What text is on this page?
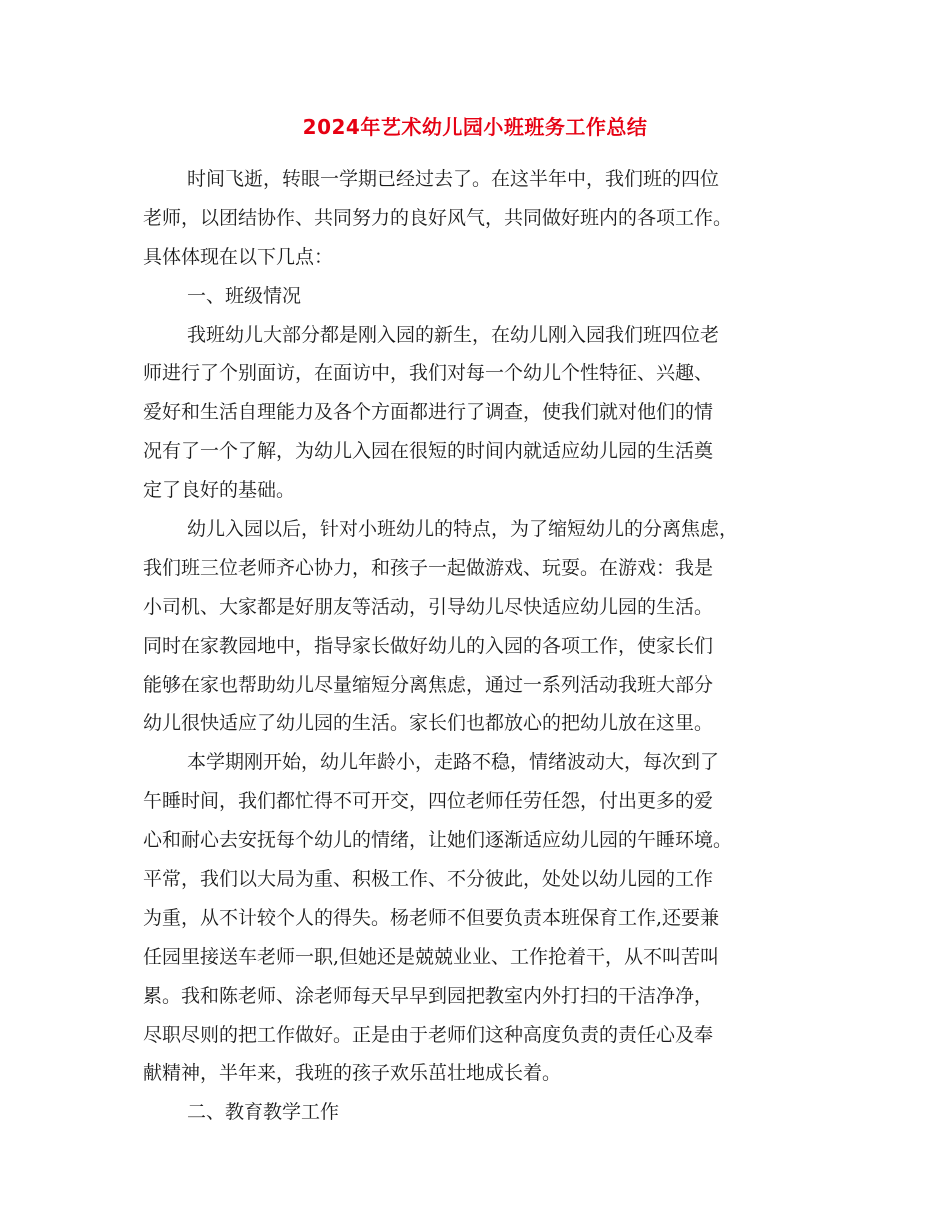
2024年艺术幼儿园小班班务工作总结
时间飞逝，转眼一学期已经过去了。在这半年中，我们班的四位
老师，以团结协作、共同努力的良好风气，共同做好班内的各项工作。
具体体现在以下几点：
一、班级情况
我班幼儿大部分都是刚入园的新生，在幼儿刚入园我们班四位老
师进行了个别面访，在面访中，我们对每一个幼儿个性特征、兴趣、
爱好和生活自理能力及各个方面都进行了调查，使我们就对他们的情
况有了一个了解，为幼儿入园在很短的时间内就适应幼儿园的生活奠
定了良好的基础。
幼儿入园以后，针对小班幼儿的特点，为了缩短幼儿的分离焦虑，
我们班三位老师齐心协力，和孩子一起做游戏、玩耍。在游戏：我是
小司机、大家都是好朋友等活动，引导幼儿尽快适应幼儿园的生活。
同时在家教园地中，指导家长做好幼儿的入园的各项工作，使家长们
能够在家也帮助幼儿尽量缩短分离焦虑，通过一系列活动我班大部分
幼儿很快适应了幼儿园的生活。家长们也都放心的把幼儿放在这里。
本学期刚开始，幼儿年龄小，走路不稳，情绪波动大，每次到了
午睡时间，我们都忙得不可开交，四位老师任劳任怨，付出更多的爱
心和耐心去安抚每个幼儿的情绪，让她们逐渐适应幼儿园的午睡环境。
平常，我们以大局为重、积极工作、不分彼此，处处以幼儿园的工作
为重，从不计较个人的得失。杨老师不但要负责本班保育工作,还要兼
任园里接送车老师一职,但她还是兢兢业业、工作抢着干，从不叫苦叫
累。我和陈老师、涂老师每天早早到园把教室内外打扫的干洁净净，
尽职尽则的把工作做好。正是由于老师们这种高度负责的责任心及奉
献精神，半年来，我班的孩子欢乐茁壮地成长着。
二、教育教学工作
